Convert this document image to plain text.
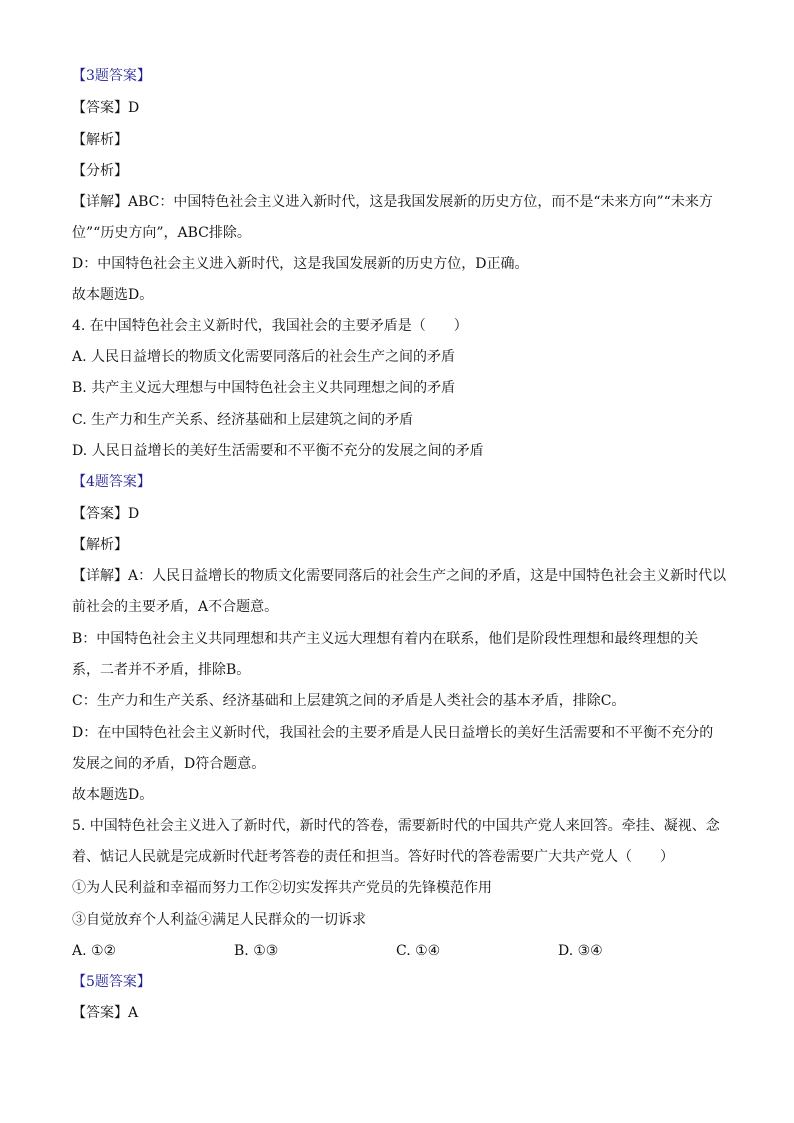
【3题答案】
【答案】D
【解析】
【分析】
【详解】ABC：中国特色社会主义进入新时代，这是我国发展新的历史方位，而不是“未来方向”“未来方
位”“历史方向”，ABC排除。
D：中国特色社会主义进入新时代，这是我国发展新的历史方位，D正确。
故本题选D。
4. 在中国特色社会主义新时代，我国社会的主要矛盾是（　　）
A. 人民日益增长的物质文化需要同落后的社会生产之间的矛盾
B. 共产主义远大理想与中国特色社会主义共同理想之间的矛盾
C. 生产力和生产关系、经济基础和上层建筑之间的矛盾
D. 人民日益增长的美好生活需要和不平衡不充分的发展之间的矛盾
【4题答案】
【答案】D
【解析】
【详解】A：人民日益增长的物质文化需要同落后的社会生产之间的矛盾，这是中国特色社会主义新时代以
前社会的主要矛盾，A不合题意。
B：中国特色社会主义共同理想和共产主义远大理想有着内在联系，他们是阶段性理想和最终理想的关
系，二者并不矛盾，排除B。
C：生产力和生产关系、经济基础和上层建筑之间的矛盾是人类社会的基本矛盾，排除C。
D：在中国特色社会主义新时代，我国社会的主要矛盾是人民日益增长的美好生活需要和不平衡不充分的
发展之间的矛盾，D符合题意。
故本题选D。
5. 中国特色社会主义进入了新时代，新时代的答卷，需要新时代的中国共产党人来回答。牵挂、凝视、念
着、惦记人民就是完成新时代赶考答卷的责任和担当。答好时代的答卷需要广大共产党人（　　）
①为人民利益和幸福而努力工作②切实发挥共产党员的先锋模范作用
③自觉放弃个人利益④满足人民群众的一切诉求
A. ①②	B. ①③	C. ①④	D. ③④
【5题答案】
【答案】A
